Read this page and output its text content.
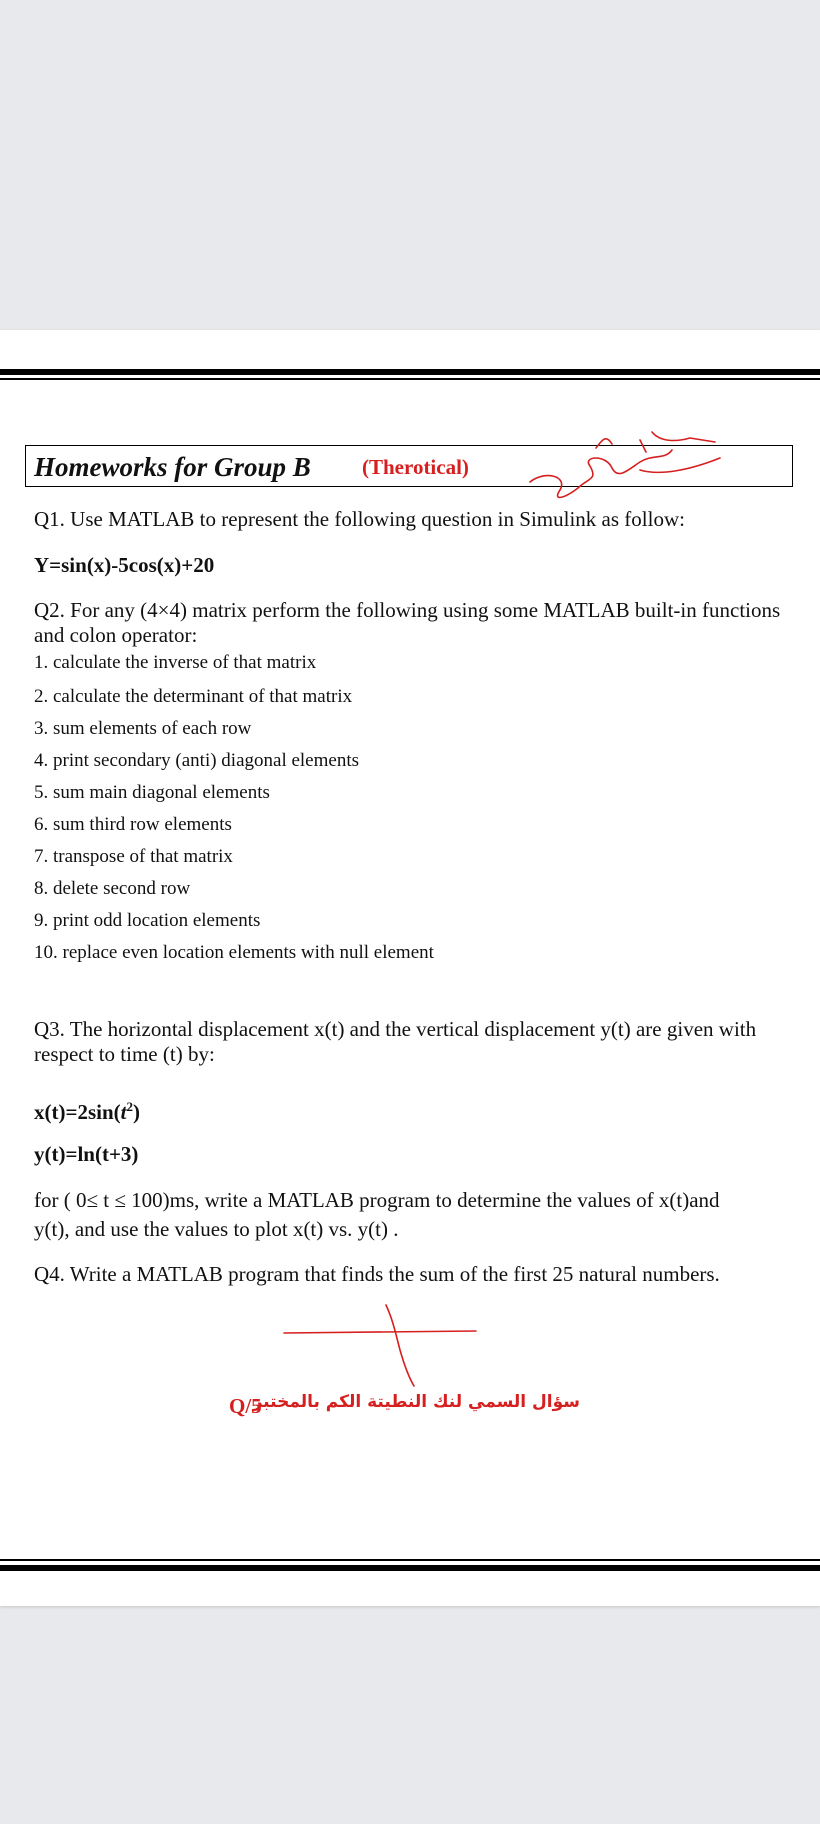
Homeworks for Group B (Therotical)
Q1. Use MATLAB to represent the following question in Simulink as follow:
Y=sin(x)-5cos(x)+20
Q2. For any (4×4) matrix perform the following using some MATLAB built-in functions and colon operator:
1. calculate the inverse of that matrix
2. calculate the determinant of that matrix
3. sum elements of each row
4. print secondary (anti) diagonal elements
5. sum main diagonal elements
6. sum third row elements
7. transpose of that matrix
8. delete second row
9. print odd location elements
10. replace even location elements with null element
Q3. The horizontal displacement x(t) and the vertical displacement y(t) are given with respect to time (t) by:
$x(t)=2\sin(t^2)$
y(t)=ln(t+3)
for ( 0≤ t ≤ 100)ms, write a MATLAB program to determine the values of x(t)and
y(t), and use the values to plot x(t) vs. y(t) .
Q4. Write a MATLAB program that finds the sum of the first 25 natural numbers.
Q/5
سؤال السمي لنك النطيتة الكم بالمختبر
